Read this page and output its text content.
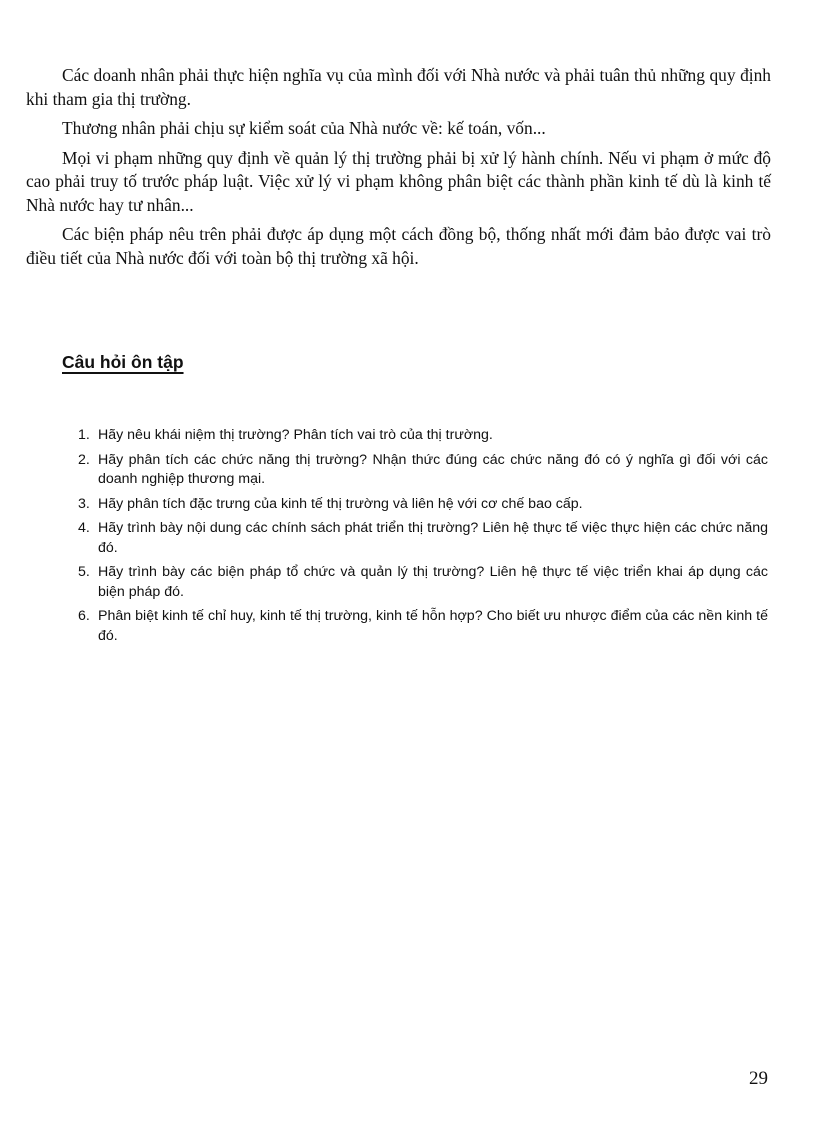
Các doanh nhân phải thực hiện nghĩa vụ của mình đối với Nhà nước và phải tuân thủ những quy định khi tham gia thị trường.

Thương nhân phải chịu sự kiểm soát của Nhà nước về: kế toán, vốn...

Mọi vi phạm những quy định về quản lý thị trường phải bị xử lý hành chính. Nếu vi phạm ở mức độ cao phải truy tố trước pháp luật. Việc xử lý vi phạm không phân biệt các thành phần kinh tế dù là kinh tế Nhà nước hay tư nhân...

Các biện pháp nêu trên phải được áp dụng một cách đồng bộ, thống nhất mới đảm bảo được vai trò điều tiết của Nhà nước đối với toàn bộ thị trường xã hội.

Câu hỏi ôn tập
1. Hãy nêu khái niệm thị trường? Phân tích vai trò của thị trường.
2. Hãy phân tích các chức năng thị trường? Nhận thức đúng các chức năng đó có ý nghĩa gì đối với các doanh nghiệp thương mại.
3. Hãy phân tích đặc trưng của kinh tế thị trường và liên hệ với cơ chế bao cấp.
4. Hãy trình bày nội dung các chính sách phát triển thị trường? Liên hệ thực tế việc thực hiện các chức năng đó.
5. Hãy trình bày các biện pháp tổ chức và quản lý thị trường? Liên hệ thực tế việc triển khai áp dụng các biện pháp đó.
6. Phân biệt kinh tế chỉ huy, kinh tế thị trường, kinh tế hỗn hợp? Cho biết ưu nhược điểm của các nền kinh tế đó.
29
